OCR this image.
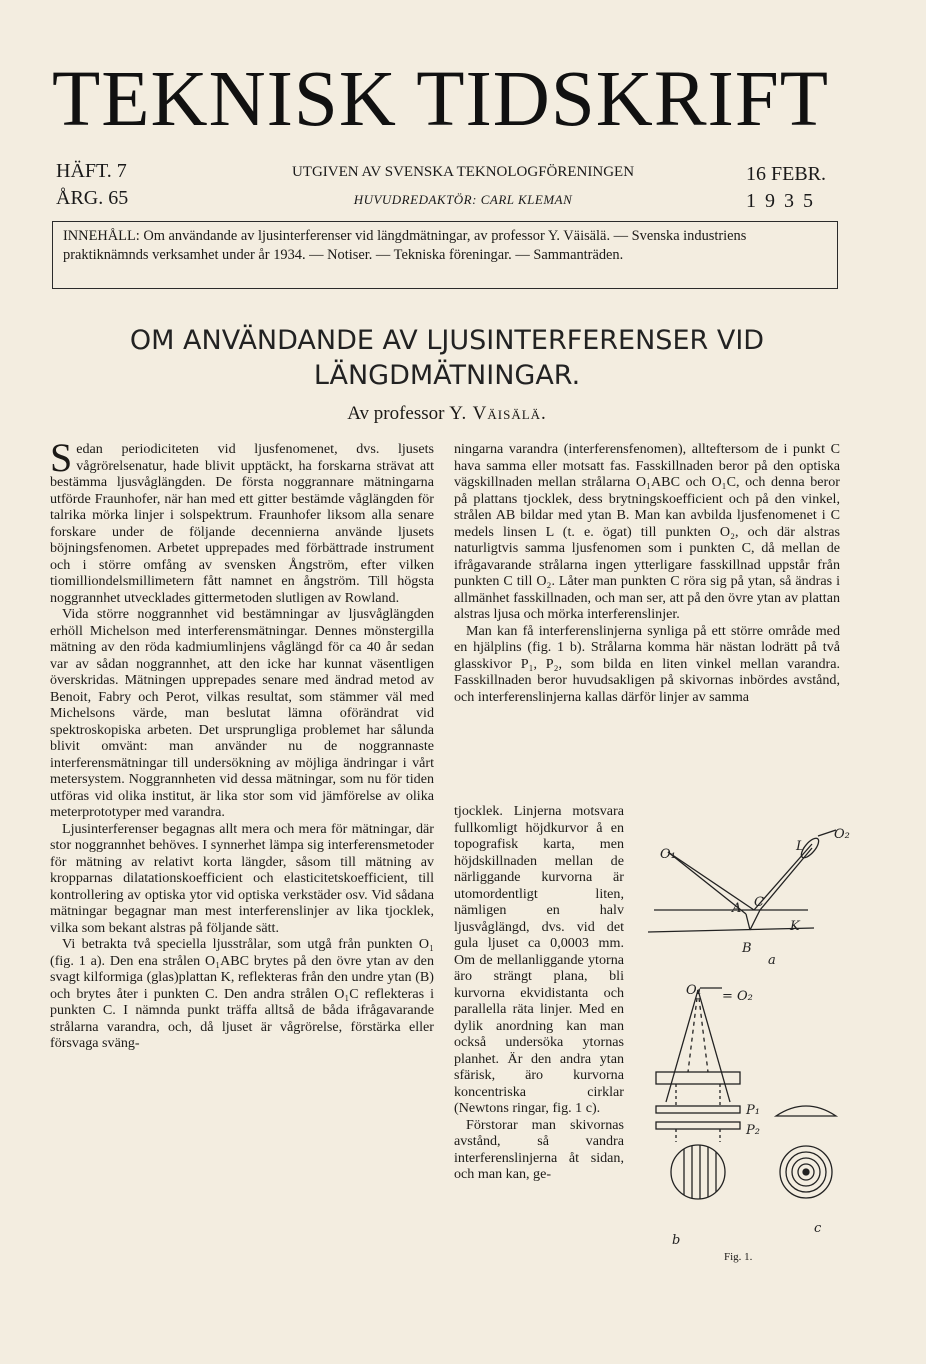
TEKNISK TIDSKRIFT
HÄFT. 7
ÅRG. 65
UTGIVEN AV SVENSKA TEKNOLOGFÖRENINGEN
HUVUDREDAKTÖR: CARL KLEMAN
16 FEBR.
1 9 3 5
INNEHÅLL: Om användande av ljusinterferenser vid längdmätningar, av professor Y. Väisälä. — Svenska industriens praktiknämnds verksamhet under år 1934. — Notiser. — Tekniska föreningar. — Sammanträden.
OM ANVÄNDANDE AV LJUSINTERFERENSER VID
LÄNGDMÄTNINGAR.
Av professor Y. Väisälä.

Sedan periodiciteten vid ljusfenomenet, dvs. ljusets vågrörelsenatur, hade blivit upptäckt, ha forskarna strävat att bestämma ljusvåglängden. De första noggrannare mätningarna utförde Fraunhofer, när han med ett gitter bestämde våglängden för talrika mörka linjer i solspektrum. Fraunhofer liksom alla senare forskare under de följande decennierna använde ljusets böjningsfenomen. Arbetet upprepades med förbättrade instrument och i större omfång av svensken Ångström, efter vilken tiomilliondelsmillimetern fått namnet en ångström. Till högsta noggrannhet utvecklades gittermetoden slutligen av Rowland.

Vida större noggrannhet vid bestämningar av ljusvåglängden erhöll Michelson med interferensmätningar. Dennes mönstergilla mätning av den röda kadmiumlinjens våglängd för ca 40 år sedan var av sådan noggrannhet, att den icke har kunnat väsentligen överskridas. Mätningen upprepades senare med ändrad metod av Benoit, Fabry och Perot, vilkas resultat, som stämmer väl med Michelsons värde, man beslutat lämna oförändrat vid spektroskopiska arbeten. Det ursprungliga problemet har sålunda blivit omvänt: man använder nu de noggrannaste interferensmätningar till undersökning av möjliga ändringar i vårt metersystem. Noggrannheten vid dessa mätningar, som nu för tiden utföras vid olika institut, är lika stor som vid jämförelse av olika meterprototyper med varandra.

Ljusinterferenser begagnas allt mera och mera för mätningar, där stor noggrannhet behöves. I synnerhet lämpa sig interferensmetoder för mätning av relativt korta längder, såsom till mätning av kropparnas dilatationskoefficient och elasticitetskoefficient, till kontrollering av optiska ytor vid optiska verkstäder osv. Vid sådana mätningar begagnar man mest interferenslinjer av lika tjocklek, vilka som bekant alstras på följande sätt.

Vi betrakta två speciella ljusstrålar, som utgå från punkten O₁ (fig. 1 a). Den ena strålen O₁ABC brytes på den övre ytan av den svagt kilformiga (glas)plattan K, reflekteras från den undre ytan (B) och brytes åter i punkten C. Den andra strålen O₁C reflekteras i punkten C. I nämnda punkt träffa alltså de båda ifrågavarande strålarna varandra, och, då ljuset är vågrörelse, förstärka eller försvaga sväng-

ningarna varandra (interferensfenomen), allteftersom de i punkt C hava samma eller motsatt fas. Fasskillnaden beror på den optiska vägskillnaden mellan strålarna O₁ABC och O₁C, och denna beror på plattans tjocklek, dess brytningskoefficient och på den vinkel, strålen AB bildar med ytan B. Man kan avbilda ljusfenomenet i C medels linsen L (t. e. ögat) till punkten O₂, och där alstras naturligtvis samma ljusfenomen som i punkten C, då mellan de ifrågavarande strålarna ingen ytterligare fasskillnad uppstår från punkten C till O₂. Låter man punkten C röra sig på ytan, så ändras i allmänhet fasskillnaden, och man ser, att på den övre ytan av plattan alstras ljusa och mörka interferenslinjer.

Man kan få interferenslinjerna synliga på ett större område med en hjälplins (fig. 1 b). Strålarna komma här nästan lodrätt på två glasskivor P₁, P₂, som bilda en liten vinkel mellan varandra. Fasskillnaden beror huvudsakligen på skivornas inbördes avstånd, och interferenslinjerna kallas därför linjer av samma

tjocklek. Linjerna motsvara fullkomligt höjdkurvor å en topografisk karta, men höjdskillnaden mellan de närliggande kurvorna är utomordentligt liten, nämligen en halv ljusvåglängd, dvs. vid det gula ljuset ca 0,0003 mm. Om de mellanliggande ytorna äro strängt plana, bli kurvorna ekvidistanta och parallella räta linjer. Med en dylik anordning kan man också undersöka ytornas planhet. Är den andra ytan sfärisk, äro kurvorna koncentriska cirklar (Newtons ringar, fig. 1 c).

Förstorar man skivornas avstånd, så vandra interferenslinjerna åt sidan, och man kan, ge-

O₁
O₂
L
A C
B
K
a
O₁ = O₂
P₁
P₂
b
c
Fig. 1.
